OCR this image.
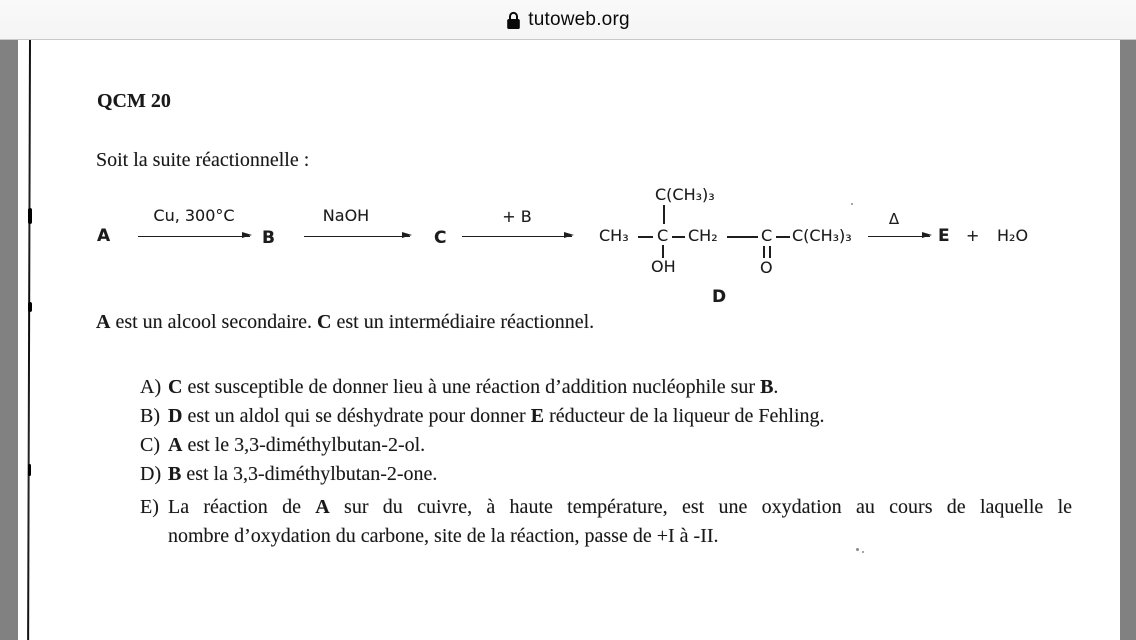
tutoweb.org
QCM 20
Soit la suite réactionnelle :
A est un alcool secondaire. C est un intermédiaire réactionnel.
A) C est susceptible de donner lieu à une réaction d’addition nucléophile sur B.
B) D est un aldol qui se déshydrate pour donner E réducteur de la liqueur de Fehling.
C) A est le 3,3-diméthylbutan-2-ol.
D) B est la 3,3-diméthylbutan-2-one.
E) La réaction de A sur du cuivre, à haute température, est une oxydation au cours de laquelle le
nombre d’oxydation du carbone, site de la réaction, passe de +I à -II.
A
Cu, 300°C
B
NaOH
C
+ B
C(CH₃)₃
CH₃ C CH₂	C C(CH₃)₃
OH	O
D
Δ
E + H₂O
